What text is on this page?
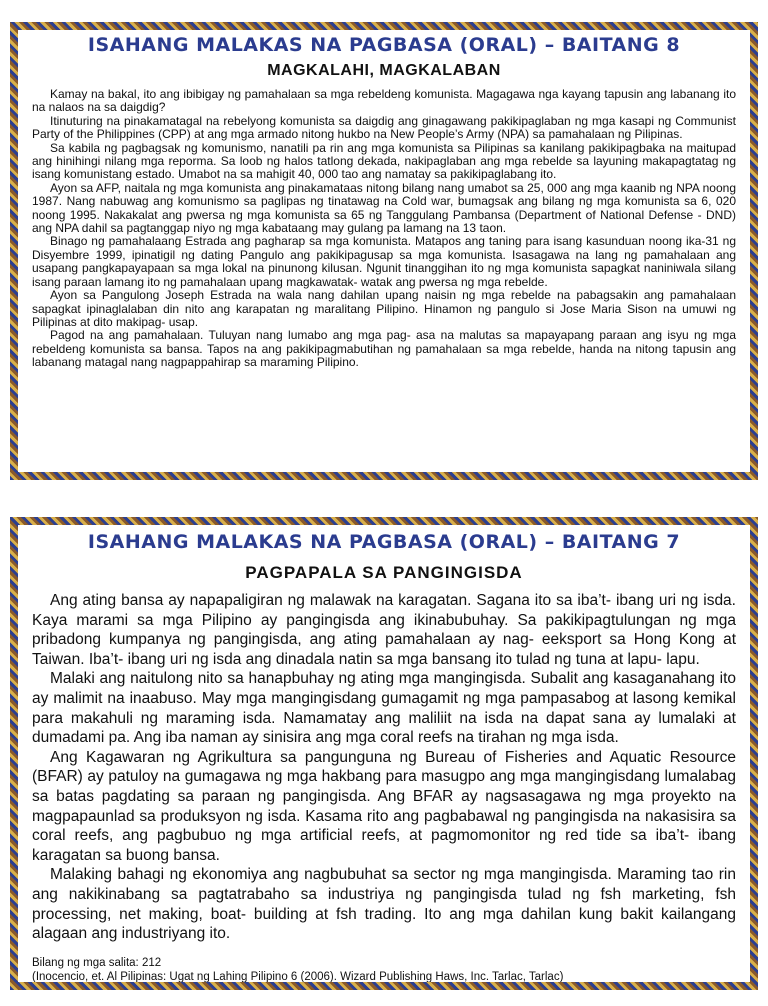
ISAHANG MALAKAS NA PAGBASA (ORAL) – BAITANG 8
MAGKALAHI, MAGKALABAN

Kamay na bakal, ito ang ibibigay ng pamahalaan sa mga rebeldeng komunista. Magagawa nga kayang tapusin ang labanang ito na nalaos na sa daigdig?

Itinuturing na pinakamatagal na rebelyong komunista sa daigdig ang ginagawang pakikipaglaban ng mga kasapi ng Communist Party of the Philippines (CPP) at ang mga armado nitong hukbo na New People’s Army (NPA) sa pamahalaan ng Pilipinas.

Sa kabila ng pagbagsak ng komunismo, nanatili pa rin ang mga komunista sa Pilipinas sa kanilang pakikipagbaka na maitupad ang hinihingi nilang mga reporma. Sa loob ng halos tatlong dekada, nakipaglaban ang mga rebelde sa layuning makapagtatag ng isang komunistang estado. Umabot na sa mahigit 40, 000 tao ang namatay sa pakikipaglabang ito.

Ayon sa AFP, naitala ng mga komunista ang pinakamataas nitong bilang nang umabot sa 25, 000 ang mga kaanib ng NPA noong 1987. Nang nabuwag ang komunismo sa paglipas ng tinatawag na Cold war, bumagsak ang bilang ng mga komunista sa 6, 020 noong 1995. Nakakalat ang pwersa ng mga komunista sa 65 ng Tanggulang Pambansa (Department of National Defense - DND) ang NPA dahil sa pagtanggap niyo ng mga kabataang may gulang pa lamang na 13 taon.

Binago ng pamahalaang Estrada ang pagharap sa mga komunista. Matapos ang taning para isang kasunduan noong ika-31 ng Disyembre 1999, ipinatigil ng dating Pangulo ang pakikipagusap sa mga komunista. Isasagawa na lang ng pamahalaan ang usapang pangkapayapaan sa mga lokal na pinunong kilusan. Ngunit tinanggihan ito ng mga komunista sapagkat naniniwala silang isang paraan lamang ito ng pamahalaan upang magkawatak- watak ang pwersa ng mga rebelde.

Ayon sa Pangulong Joseph Estrada na wala nang dahilan upang naisin ng mga rebelde na pabagsakin ang pamahalaan sapagkat ipinaglalaban din nito ang karapatan ng maralitang Pilipino. Hinamon ng pangulo si Jose Maria Sison na umuwi ng Pilipinas at dito makipag- usap.

Pagod na ang pamahalaan. Tuluyan nang lumabo ang mga pag- asa na malutas sa mapayapang paraan ang isyu ng mga rebeldeng komunista sa bansa. Tapos na ang pakikipagmabutihan ng pamahalaan sa mga rebelde, handa na nitong tapusin ang labanang matagal nang nagpappahirap sa maraming Pilipino.

ISAHANG MALAKAS NA PAGBASA (ORAL) – BAITANG 7
PAGPAPALA SA PANGINGISDA

Ang ating bansa ay napapaligiran ng malawak na karagatan. Sagana ito sa iba’t- ibang uri ng isda. Kaya marami sa mga Pilipino ay pangingisda ang ikinabubuhay. Sa pakikipagtulungan ng mga pribadong kumpanya ng pangingisda, ang ating pamahalaan ay nag- eeksport sa Hong Kong at Taiwan. Iba’t- ibang uri ng isda ang dinadala natin sa mga bansang ito tulad ng tuna at lapu- lapu.

Malaki ang naitulong nito sa hanapbuhay ng ating mga mangingisda. Subalit ang kasaganahang ito ay malimit na inaabuso. May mga mangingisdang gumagamit ng mga pampasabog at lasong kemikal para makahuli ng maraming isda. Namamatay ang maliliit na isda na dapat sana ay lumalaki at dumadami pa. Ang iba naman ay sinisira ang mga coral reefs na tirahan ng mga isda.

Ang Kagawaran ng Agrikultura sa pangunguna ng Bureau of Fisheries and Aquatic Resource (BFAR) ay patuloy na gumagawa ng mga hakbang para masugpo ang mga mangingisdang lumalabag sa batas pagdating sa paraan ng pangingisda. Ang BFAR ay nagsasagawa ng mga proyekto na magpapaunlad sa produksyon ng isda. Kasama rito ang pagbabawal ng pangingisda na nakasisira sa coral reefs, ang pagbubuo ng mga artificial reefs, at pagmomonitor ng red tide sa iba’t- ibang karagatan sa buong bansa.

Malaking bahagi ng ekonomiya ang nagbubuhat sa sector ng mga mangingisda. Maraming tao rin ang nakikinabang sa pagtatrabaho sa industriya ng pangingisda tulad ng fsh marketing, fsh processing, net making, boat- building at fsh trading. Ito ang mga dahilan kung bakit kailangang alagaan ang industriyang ito.

Bilang ng mga salita: 212
(Inocencio, et. Al Pilipinas: Ugat ng Lahing Pilipino 6 (2006). Wizard Publishing Haws, Inc. Tarlac, Tarlac)
